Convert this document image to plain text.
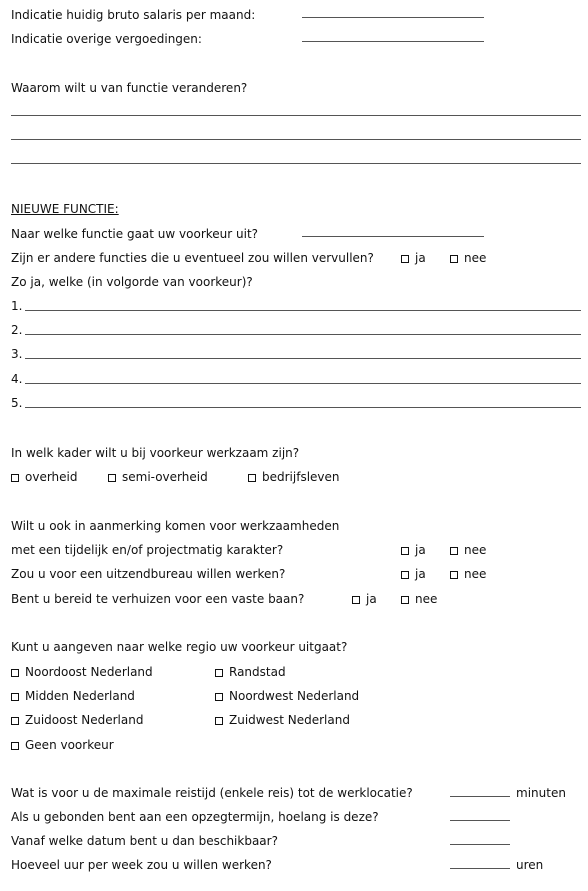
Indicatie huidig bruto salaris per maand:
Indicatie overige vergoedingen:
Waarom wilt u van functie veranderen?
NIEUWE FUNCTIE:
Naar welke functie gaat uw voorkeur uit?
Zijn er andere functies die u eventueel zou willen vervullen?	ja	nee
Zo ja, welke (in volgorde van voorkeur)?
1.
2.
3.
4.
5.
In welk kader wilt u bij voorkeur werkzaam zijn?
overheid	semi-overheid	bedrijfsleven
Wilt u ook in aanmerking komen voor werkzaamheden
met een tijdelijk en/of projectmatig karakter?	ja	nee
Zou u voor een uitzendbureau willen werken?	ja	nee
Bent u bereid te verhuizen voor een vaste baan?	ja	nee
Kunt u aangeven naar welke regio uw voorkeur uitgaat?
Noordoost Nederland	Randstad
Midden Nederland	Noordwest Nederland
Zuidoost Nederland	Zuidwest Nederland
Geen voorkeur
Wat is voor u de maximale reistijd (enkele reis) tot de werklocatie?	minuten
Als u gebonden bent aan een opzegtermijn, hoelang is deze?
Vanaf welke datum bent u dan beschikbaar?
Hoeveel uur per week zou u willen werken?	uren
